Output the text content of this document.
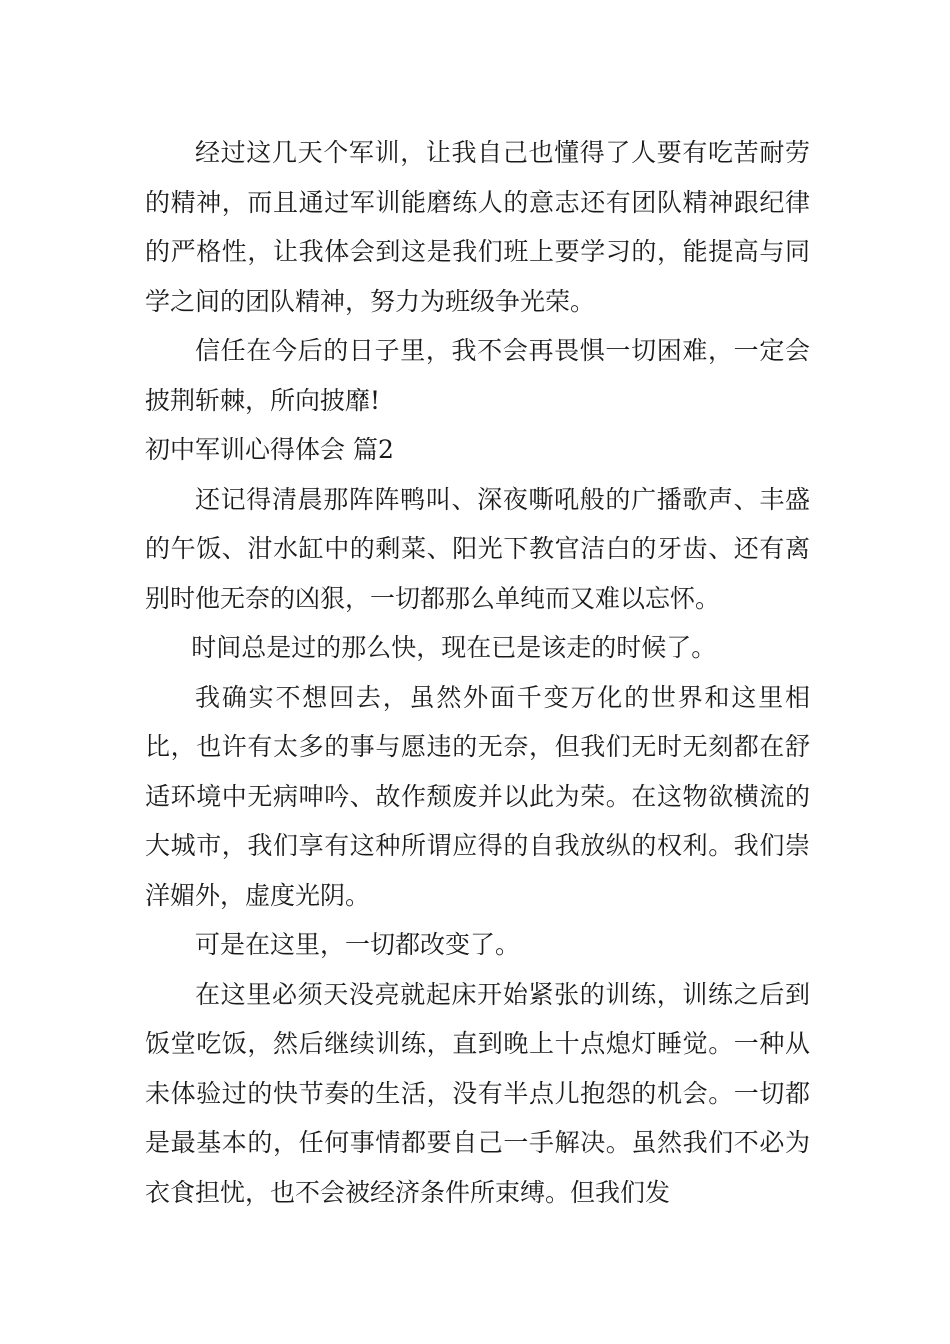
经过这几天个军训，让我自己也懂得了人要有吃苦耐劳的精神，而且通过军训能磨练人的意志还有团队精神跟纪律的严格性，让我体会到这是我们班上要学习的，能提高与同学之间的团队精神，努力为班级争光荣。

信任在今后的日子里，我不会再畏惧一切困难，一定会披荆斩棘，所向披靡!

初中军训心得体会 篇2

还记得清晨那阵阵鸭叫、深夜嘶吼般的广播歌声、丰盛的午饭、泔水缸中的剩菜、阳光下教官洁白的牙齿、还有离别时他无奈的凶狠，一切都那么单纯而又难以忘怀。

时间总是过的那么快，现在已是该走的时候了。

我确实不想回去，虽然外面千变万化的世界和这里相比，也许有太多的事与愿违的无奈，但我们无时无刻都在舒适环境中无病呻吟、故作颓废并以此为荣。在这物欲横流的大城市，我们享有这种所谓应得的自我放纵的权利。我们崇洋媚外，虚度光阴。

可是在这里，一切都改变了。

在这里必须天没亮就起床开始紧张的训练，训练之后到饭堂吃饭，然后继续训练，直到晚上十点熄灯睡觉。一种从未体验过的快节奏的生活，没有半点儿抱怨的机会。一切都是最基本的，任何事情都要自己一手解决。虽然我们不必为衣食担忧，也不会被经济条件所束缚。但我们发
